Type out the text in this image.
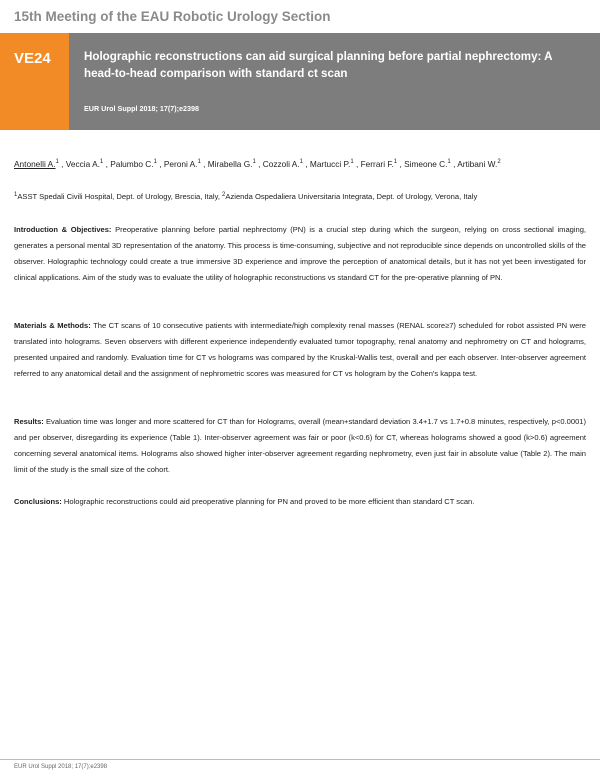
15th Meeting of the EAU Robotic Urology Section
VE24	Holographic reconstructions can aid surgical planning before partial nephrectomy: A head-to-head comparison with standard ct scan
EUR Urol Suppl 2018; 17(7);e2398
Antonelli A.$^1$ , Veccia A.$^1$ , Palumbo C.$^1$ , Peroni A.$^1$ , Mirabella G.$^1$ , Cozzoli A.$^1$ , Martucci P.$^1$ , Ferrari F.$^1$ , Simeone C.$^1$ , Artibani W.$^2$
$^1$ASST Spedali Civili Hospital, Dept. of Urology, Brescia, Italy, $^2$Azienda Ospedaliera Universitaria Integrata, Dept. of Urology, Verona, Italy
Introduction & Objectives: Preoperative planning before partial nephrectomy (PN) is a crucial step during which the surgeon, relying on cross sectional imaging, generates a personal mental 3D representation of the anatomy. This process is time-consuming, subjective and not reproducible since depends on uncontrolled skills of the observer. Holographic technology could create a true immersive 3D experience and improve the perception of anatomical details, but it has not yet been investigated for clinical applications. Aim of the study was to evaluate the utility of holographic reconstructions vs standard CT for the pre-operative planning of PN.
Materials & Methods: The CT scans of 10 consecutive patients with intermediate/high complexity renal masses (RENAL score≥7) scheduled for robot assisted PN were translated into holograms. Seven observers with different experience independently evaluated tumor topography, renal anatomy and nephrometry on CT and holograms, presented unpaired and randomly. Evaluation time for CT vs holograms was compared by the Kruskal-Wallis test, overall and per each observer. Inter-observer agreement referred to any anatomical detail and the assignment of nephrometric scores was measured for CT vs hologram by the Cohen's kappa test.
Results: Evaluation time was longer and more scattered for CT than for Holograms, overall (mean+standard deviation 3.4+1.7 vs 1.7+0.8 minutes, respectively, p<0.0001) and per observer, disregarding its experience (Table 1). Inter-observer agreement was fair or poor (k<0.6) for CT, whereas holograms showed a good (k>0.6) agreement concerning several anatomical items. Holograms also showed higher inter-observer agreement regarding nephrometry, even just fair in absolute value (Table 2). The main limit of the study is the small size of the cohort.
Conclusions: Holographic reconstructions could aid preoperative planning for PN and proved to be more efficient than standard CT scan.
EUR Urol Suppl 2018; 17(7);e2398
